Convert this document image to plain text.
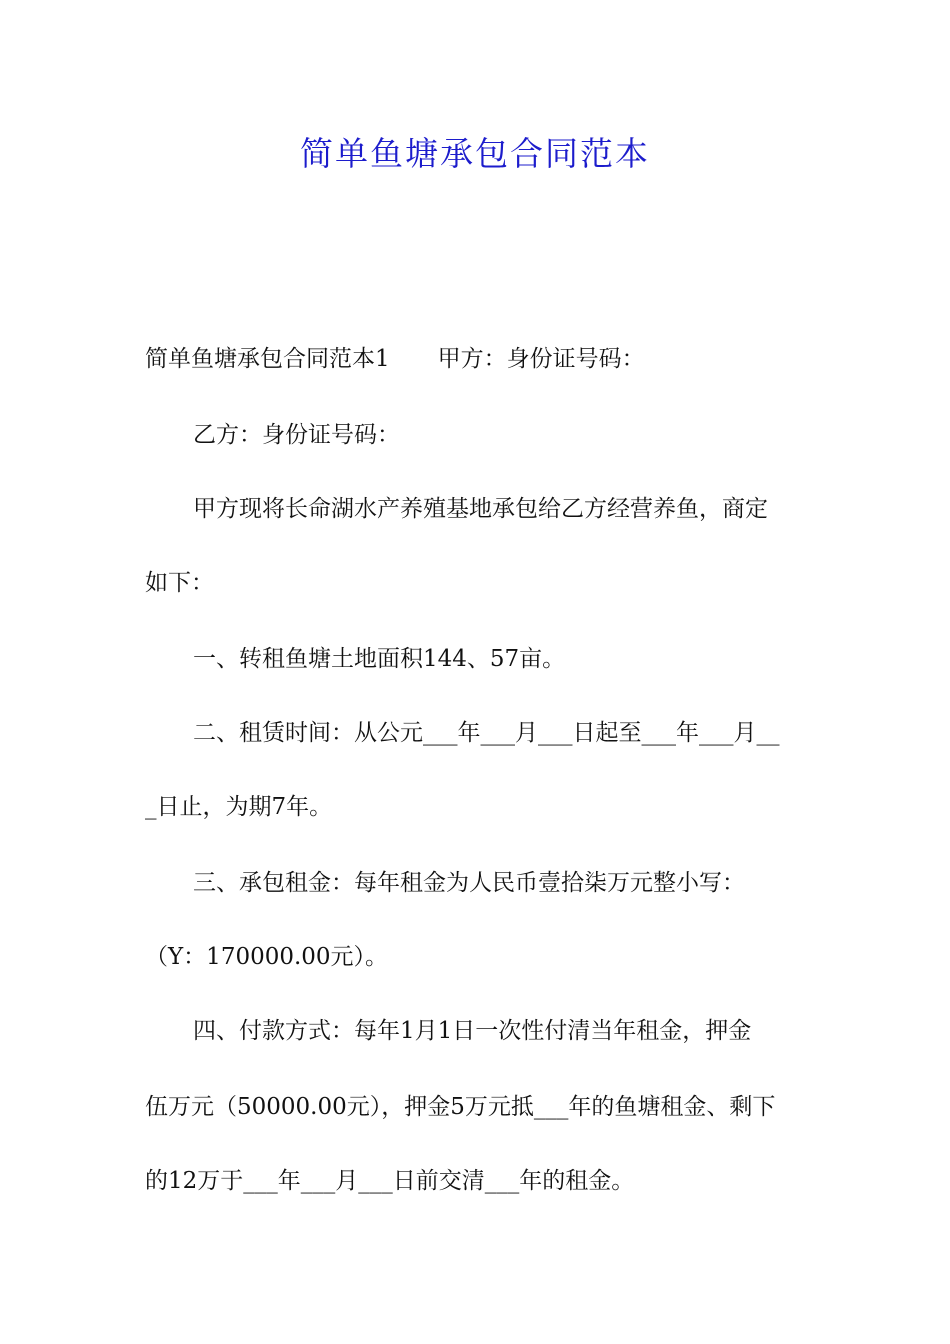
简单鱼塘承包合同范本

简单鱼塘承包合同范本1 甲方：身份证号码：

乙方：身份证号码：

甲方现将长命湖水产养殖基地承包给乙方经营养鱼，商定

如下：

一、转租鱼塘土地面积144、57亩。

二、租赁时间：从公元___年___月___日起至___年___月__

_日止，为期7年。

三、承包租金：每年租金为人民币壹拾柒万元整小写：

（Y：170000.00元）。

四、付款方式：每年1月1日一次性付清当年租金，押金

伍万元（50000.00元），押金5万元抵___年的鱼塘租金、剩下

的12万于___年___月___日前交清___年的租金。
